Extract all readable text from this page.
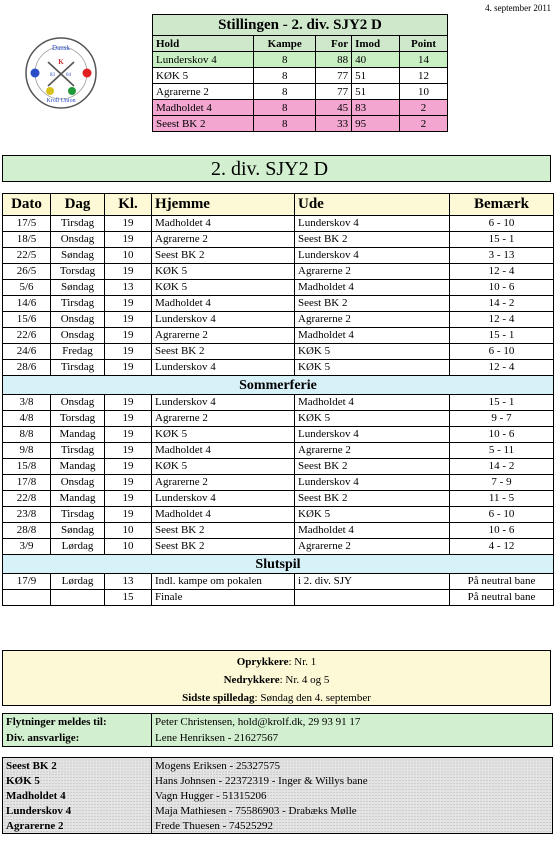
4. september 2011
Dansk
Kroll Union
83 04
K
Stillingen - 2. div. SJY2 D				
Hold	Kampe	For	Imod	Point
Lunderskov 4	8	88	40	14
KØK 5	8	77	51	12
Agrarerne 2	8	77	51	10
Madholdet 4	8	45	83	2
Seest BK 2	8	33	95	2
2. div. SJY2 D
Dato	Dag	Kl.	Hjemme	Ude	Bemærk
17/5	Tirsdag	19	Madholdet 4	Lunderskov 4	6 - 10
18/5	Onsdag	19	Agrarerne 2	Seest BK 2	15 - 1
22/5	Søndag	10	Seest BK 2	Lunderskov 4	3 - 13
26/5	Torsdag	19	KØK 5	Agrarerne 2	12 - 4
5/6	Søndag	13	KØK 5	Madholdet 4	10 - 6
14/6	Tirsdag	19	Madholdet 4	Seest BK 2	14 - 2
15/6	Onsdag	19	Lunderskov 4	Agrarerne 2	12 - 4
22/6	Onsdag	19	Agrarerne 2	Madholdet 4	15 - 1
24/6	Fredag	19	Seest BK 2	KØK 5	6 - 10
28/6	Tirsdag	19	Lunderskov 4	KØK 5	12 - 4
Sommerferie					
3/8	Onsdag	19	Lunderskov 4	Madholdet 4	15 - 1
4/8	Torsdag	19	Agrarerne 2	KØK 5	9 - 7
8/8	Mandag	19	KØK 5	Lunderskov 4	10 - 6
9/8	Tirsdag	19	Madholdet 4	Agrarerne 2	5 - 11
15/8	Mandag	19	KØK 5	Seest BK 2	14 - 2
17/8	Onsdag	19	Agrarerne 2	Lunderskov 4	7 - 9
22/8	Mandag	19	Lunderskov 4	Seest BK 2	11 - 5
23/8	Tirsdag	19	Madholdet 4	KØK 5	6 - 10
28/8	Søndag	10	Seest BK 2	Madholdet 4	10 - 6
3/9	Lørdag	10	Seest BK 2	Agrarerne 2	4 - 12
Slutspil					
17/9	Lørdag	13	Indl. kampe om pokalen	i 2. div. SJY	På neutral bane
		15	Finale		På neutral bane
Oprykkere: Nr. 1
Nedrykkere: Nr. 4 og 5
Sidste spilledag: Søndag den 4. september
Flytninger meldes til:	Peter Christensen, hold@krolf.dk, 29 93 91 17
Div. ansvarlige:	Lene Henriksen - 21627567
Seest BK 2	Mogens Eriksen - 25327575
KØK 5	Hans Johnsen - 22372319 - Inger & Willys bane
Madholdet 4	Vagn Hugger - 51315206
Lunderskov 4	Maja Mathiesen - 75586903 - Drabæks Mølle
Agrarerne 2	Frede Thuesen - 74525292
